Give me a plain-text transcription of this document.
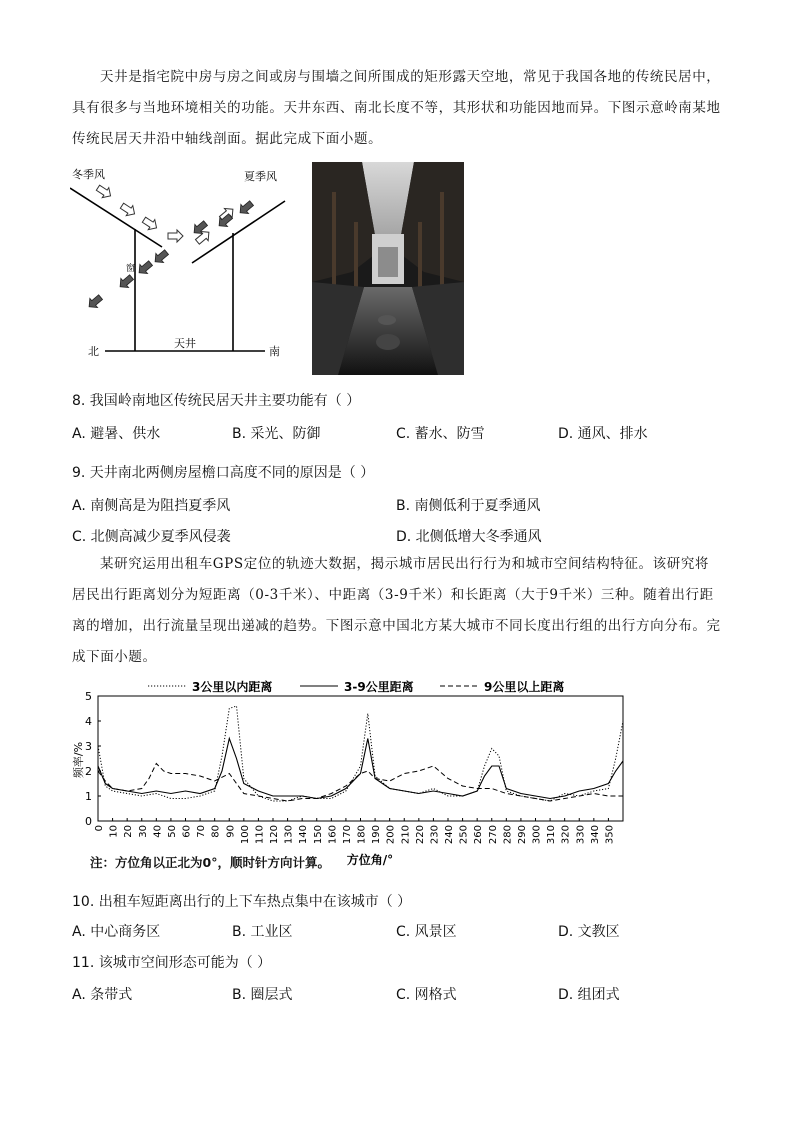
天井是指宅院中房与房之间或房与围墙之间所围成的矩形露天空地，常见于我国各地的传统民居中，具有很多与当地环境相关的功能。天井东西、南北长度不等，其形状和功能因地而异。下图示意岭南某地传统民居天井沿中轴线剖面。据此完成下面小题。

冬季风	夏季风
窗
天井
北	南

8. 我国岭南地区传统民居天井主要功能有（ ）

A. 避暑、供水	B. 采光、防御	C. 蓄水、防雪	D. 通风、排水

9. 天井南北两侧房屋檐口高度不同的原因是（ ）

A. 南侧高是为阻挡夏季风	B. 南侧低利于夏季通风
C. 北侧高减少夏季风侵袭	D. 北侧低增大冬季通风

某研究运用出租车GPS定位的轨迹大数据，揭示城市居民出行行为和城市空间结构特征。该研究将居民出行距离划分为短距离（0-3千米）、中距离（3-9千米）和长距离（大于9千米）三种。随着出行距离的增加，出行流量呈现出递减的趋势。下图示意中国北方某大城市不同长度出行组的出行方向分布。完成下面小题。

3公里以内距离	3-9公里距离	9公里以上距离
0
1
2
3
4
5
0 10 20 30 40 50 60 70 80 90 100 110 120 130 140 150 160 170 180 190 200 210 220 230 240 250 260 270 280 290 300 310 320 330 340 350
频率/%
方位角/°
注：方位角以正北为0°，顺时针方向计算。

10. 出租车短距离出行的上下车热点集中在该城市（ ）

A. 中心商务区	B. 工业区	C. 风景区	D. 文教区

11. 该城市空间形态可能为（ ）

A. 条带式	B. 圈层式	C. 网格式	D. 组团式
